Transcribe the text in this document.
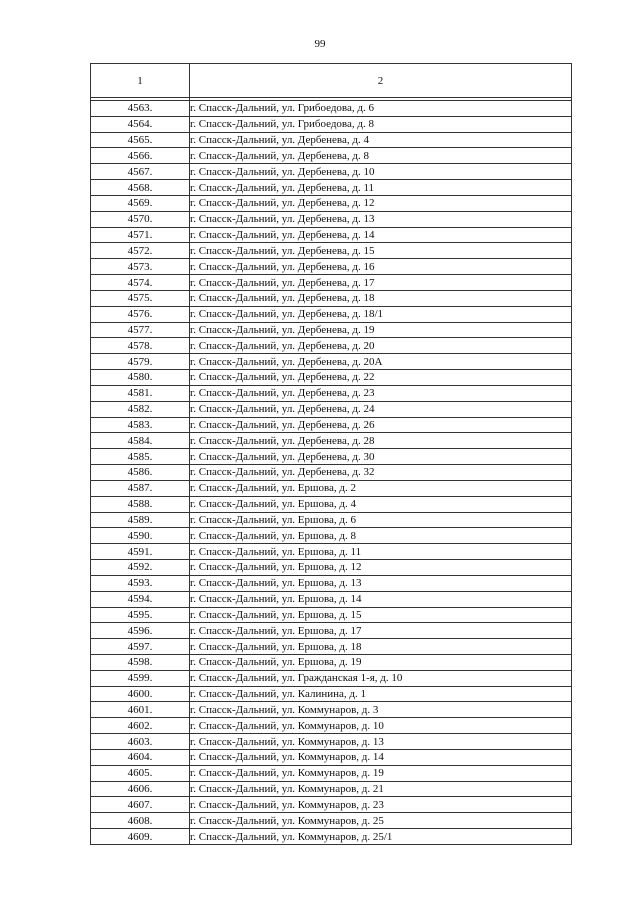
99
1	2

4563.	г. Спасск-Дальний, ул. Грибоедова, д. 6
4564.	г. Спасск-Дальний, ул. Грибоедова, д. 8
4565.	г. Спасск-Дальний, ул. Дербенева, д. 4
4566.	г. Спасск-Дальний, ул. Дербенева, д. 8
4567.	г. Спасск-Дальний, ул. Дербенева, д. 10
4568.	г. Спасск-Дальний, ул. Дербенева, д. 11
4569.	г. Спасск-Дальний, ул. Дербенева, д. 12
4570.	г. Спасск-Дальний, ул. Дербенева, д. 13
4571.	г. Спасск-Дальний, ул. Дербенева, д. 14
4572.	г. Спасск-Дальний, ул. Дербенева, д. 15
4573.	г. Спасск-Дальний, ул. Дербенева, д. 16
4574.	г. Спасск-Дальний, ул. Дербенева, д. 17
4575.	г. Спасск-Дальний, ул. Дербенева, д. 18
4576.	г. Спасск-Дальний, ул. Дербенева, д. 18/1
4577.	г. Спасск-Дальний, ул. Дербенева, д. 19
4578.	г. Спасск-Дальний, ул. Дербенева, д. 20
4579.	г. Спасск-Дальний, ул. Дербенева, д. 20А
4580.	г. Спасск-Дальний, ул. Дербенева, д. 22
4581.	г. Спасск-Дальний, ул. Дербенева, д. 23
4582.	г. Спасск-Дальний, ул. Дербенева, д. 24
4583.	г. Спасск-Дальний, ул. Дербенева, д. 26
4584.	г. Спасск-Дальний, ул. Дербенева, д. 28
4585.	г. Спасск-Дальний, ул. Дербенева, д. 30
4586.	г. Спасск-Дальний, ул. Дербенева, д. 32
4587.	г. Спасск-Дальний, ул. Ершова, д. 2
4588.	г. Спасск-Дальний, ул. Ершова, д. 4
4589.	г. Спасск-Дальний, ул. Ершова, д. 6
4590.	г. Спасск-Дальний, ул. Ершова, д. 8
4591.	г. Спасск-Дальний, ул. Ершова, д. 11
4592.	г. Спасск-Дальний, ул. Ершова, д. 12
4593.	г. Спасск-Дальний, ул. Ершова, д. 13
4594.	г. Спасск-Дальний, ул. Ершова, д. 14
4595.	г. Спасск-Дальний, ул. Ершова, д. 15
4596.	г. Спасск-Дальний, ул. Ершова, д. 17
4597.	г. Спасск-Дальний, ул. Ершова, д. 18
4598.	г. Спасск-Дальний, ул. Ершова, д. 19
4599.	г. Спасск-Дальний, ул. Гражданская 1-я, д. 10
4600.	г. Спасск-Дальний, ул. Калинина, д. 1
4601.	г. Спасск-Дальний, ул. Коммунаров, д. 3
4602.	г. Спасск-Дальний, ул. Коммунаров, д. 10
4603.	г. Спасск-Дальний, ул. Коммунаров, д. 13
4604.	г. Спасск-Дальний, ул. Коммунаров, д. 14
4605.	г. Спасск-Дальний, ул. Коммунаров, д. 19
4606.	г. Спасск-Дальний, ул. Коммунаров, д. 21
4607.	г. Спасск-Дальний, ул. Коммунаров, д. 23
4608.	г. Спасск-Дальний, ул. Коммунаров, д. 25
4609.	г. Спасск-Дальний, ул. Коммунаров, д. 25/1
